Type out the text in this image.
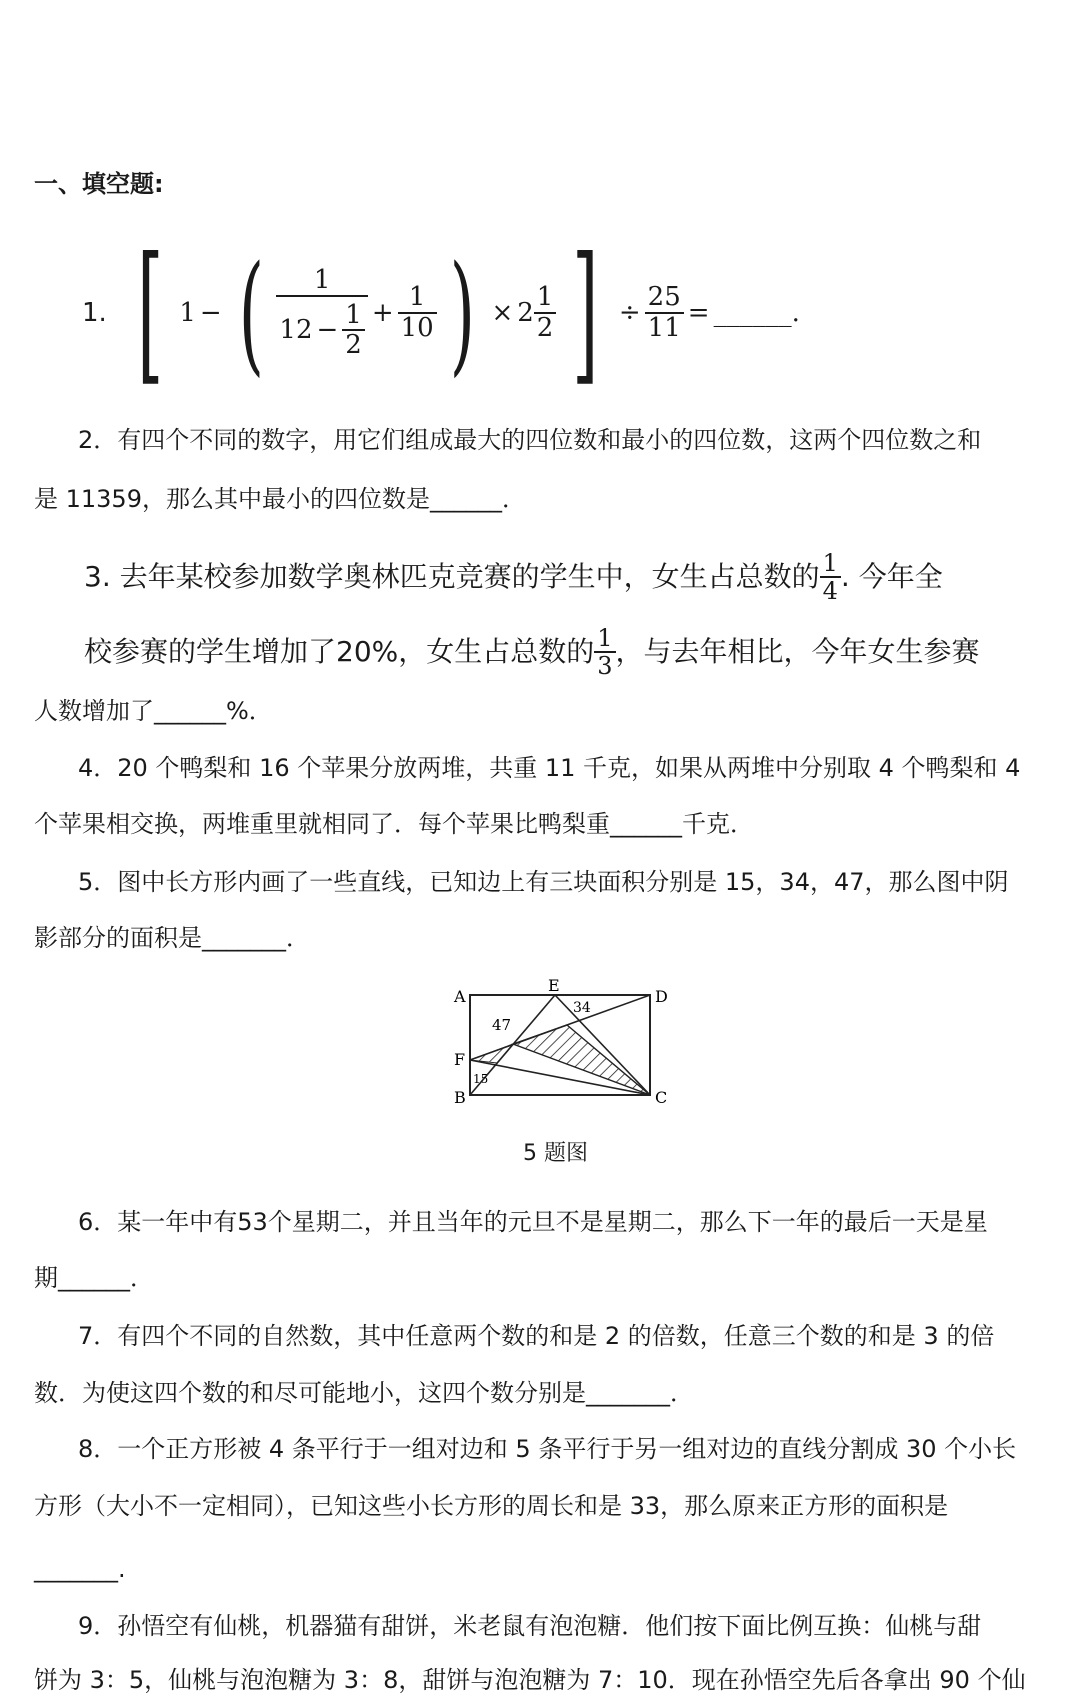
一、填空题:
1. [ 1 − ( $\frac{1}{12 - \frac{1}{2}} + \frac{1}{10}$ ) × $2 \frac{1}{2}$ ] ÷ $\frac{25}{11}$ = ______.
2．有四个不同的数字，用它们组成最大的四位数和最小的四位数，这两个四位数之和
是 11359，那么其中最小的四位数是______．
3. 去年某校参加数学奥林匹克竞赛的学生中，女生占总数的 $\frac{1}{4}$ . 今年全
校参赛的学生增加了20%，女生占总数的 $\frac{1}{3}$ ，与去年相比，今年女生参赛
人数增加了______%．
4．20 个鸭梨和 16 个苹果分放两堆，共重 11 千克，如果从两堆中分别取 4 个鸭梨和 4
个苹果相交换，两堆重里就相同了．每个苹果比鸭梨重______千克．
5．图中长方形内画了一些直线，已知边上有三块面积分别是 15，34，47，那么图中阴
影部分的面积是_______．
A
E
D
F
B	C
47
34
15
5 题图
6．某一年中有53个星期二，并且当年的元旦不是星期二，那么下一年的最后一天是星
期______．
7．有四个不同的自然数，其中任意两个数的和是 2 的倍数，任意三个数的和是 3 的倍
数．为使这四个数的和尽可能地小，这四个数分别是_______．
8．一个正方形被 4 条平行于一组对边和 5 条平行于另一组对边的直线分割成 30 个小长
方形（大小不一定相同），已知这些小长方形的周长和是 33，那么原来正方形的面积是
_______.
9．孙悟空有仙桃，机器猫有甜饼，米老鼠有泡泡糖．他们按下面比例互换：仙桃与甜
饼为 3：5，仙桃与泡泡糖为 3：8，甜饼与泡泡糖为 7：10．现在孙悟空先后各拿出 90 个仙
